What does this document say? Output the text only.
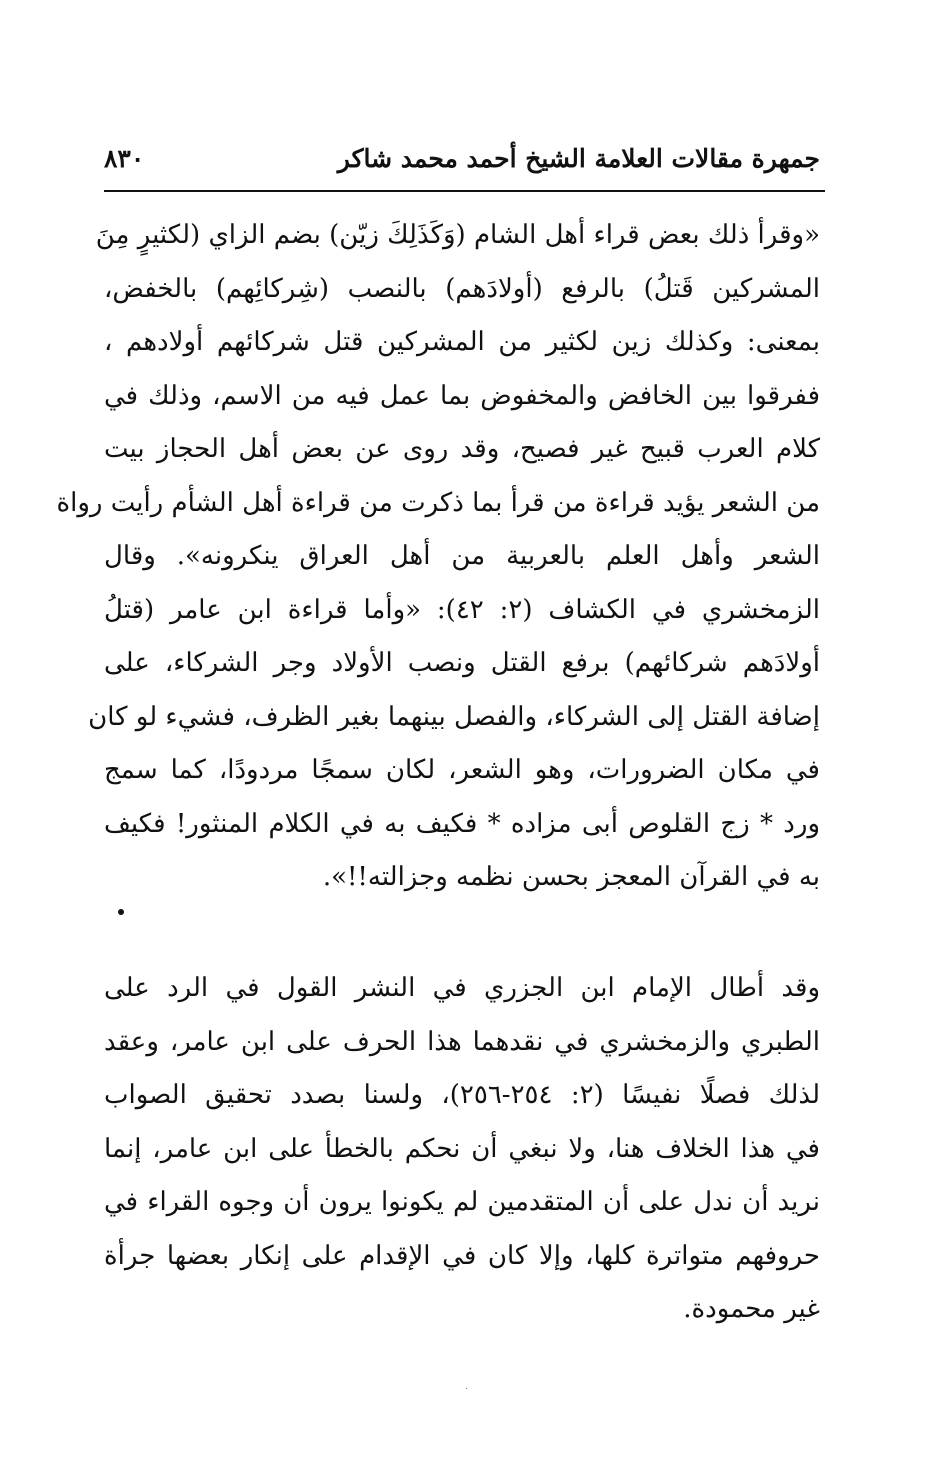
جمهرة مقالات العلامة الشيخ أحمد محمد شاكر
٨٣٠
«وقرأ ذلك بعض قراء أهل الشام (وَكَذَلِكَ زيّن) بضم الزاي (لكثيرٍ مِنَ
المشركين قَتلُ) بالرفع (أولادَهم) بالنصب (شِركائِهم) بالخفض،
بمعنى: وكذلك زين لكثير من المشركين قتل شركائهم أولادهم ،
ففرقوا بين الخافض والمخفوض بما عمل فيه من الاسم، وذلك في
كلام العرب قبيح غير فصيح، وقد روى عن بعض أهل الحجاز بيت
من الشعر يؤيد قراءة من قرأ بما ذكرت من قراءة أهل الشأم رأيت رواة
الشعر وأهل العلم بالعربية من أهل العراق ينكرونه». وقال
الزمخشري في الكشاف (٢: ٤٢): «وأما قراءة ابن عامر (قتلُ
أولادَهم شركائهم) برفع القتل ونصب الأولاد وجر الشركاء، على
إضافة القتل إلى الشركاء، والفصل بينهما بغير الظرف، فشيء لو كان
في مكان الضرورات، وهو الشعر، لكان سمجًا مردودًا، كما سمج
ورد * زج القلوص أبى مزاده * فكيف به في الكلام المنثور! فكيف
به في القرآن المعجز بحسن نظمه وجزالته!!».
وقد أطال الإمام ابن الجزري في النشر القول في الرد على
الطبري والزمخشري في نقدهما هذا الحرف على ابن عامر، وعقد
لذلك فصلًا نفيسًا (٢: ٢٥٤-٢٥٦)، ولسنا بصدد تحقيق الصواب
في هذا الخلاف هنا، ولا نبغي أن نحكم بالخطأ على ابن عامر، إنما
نريد أن ندل على أن المتقدمين لم يكونوا يرون أن وجوه القراء في
حروفهم متواترة كلها، وإلا كان في الإقدام على إنكار بعضها جرأة
غير محمودة.
